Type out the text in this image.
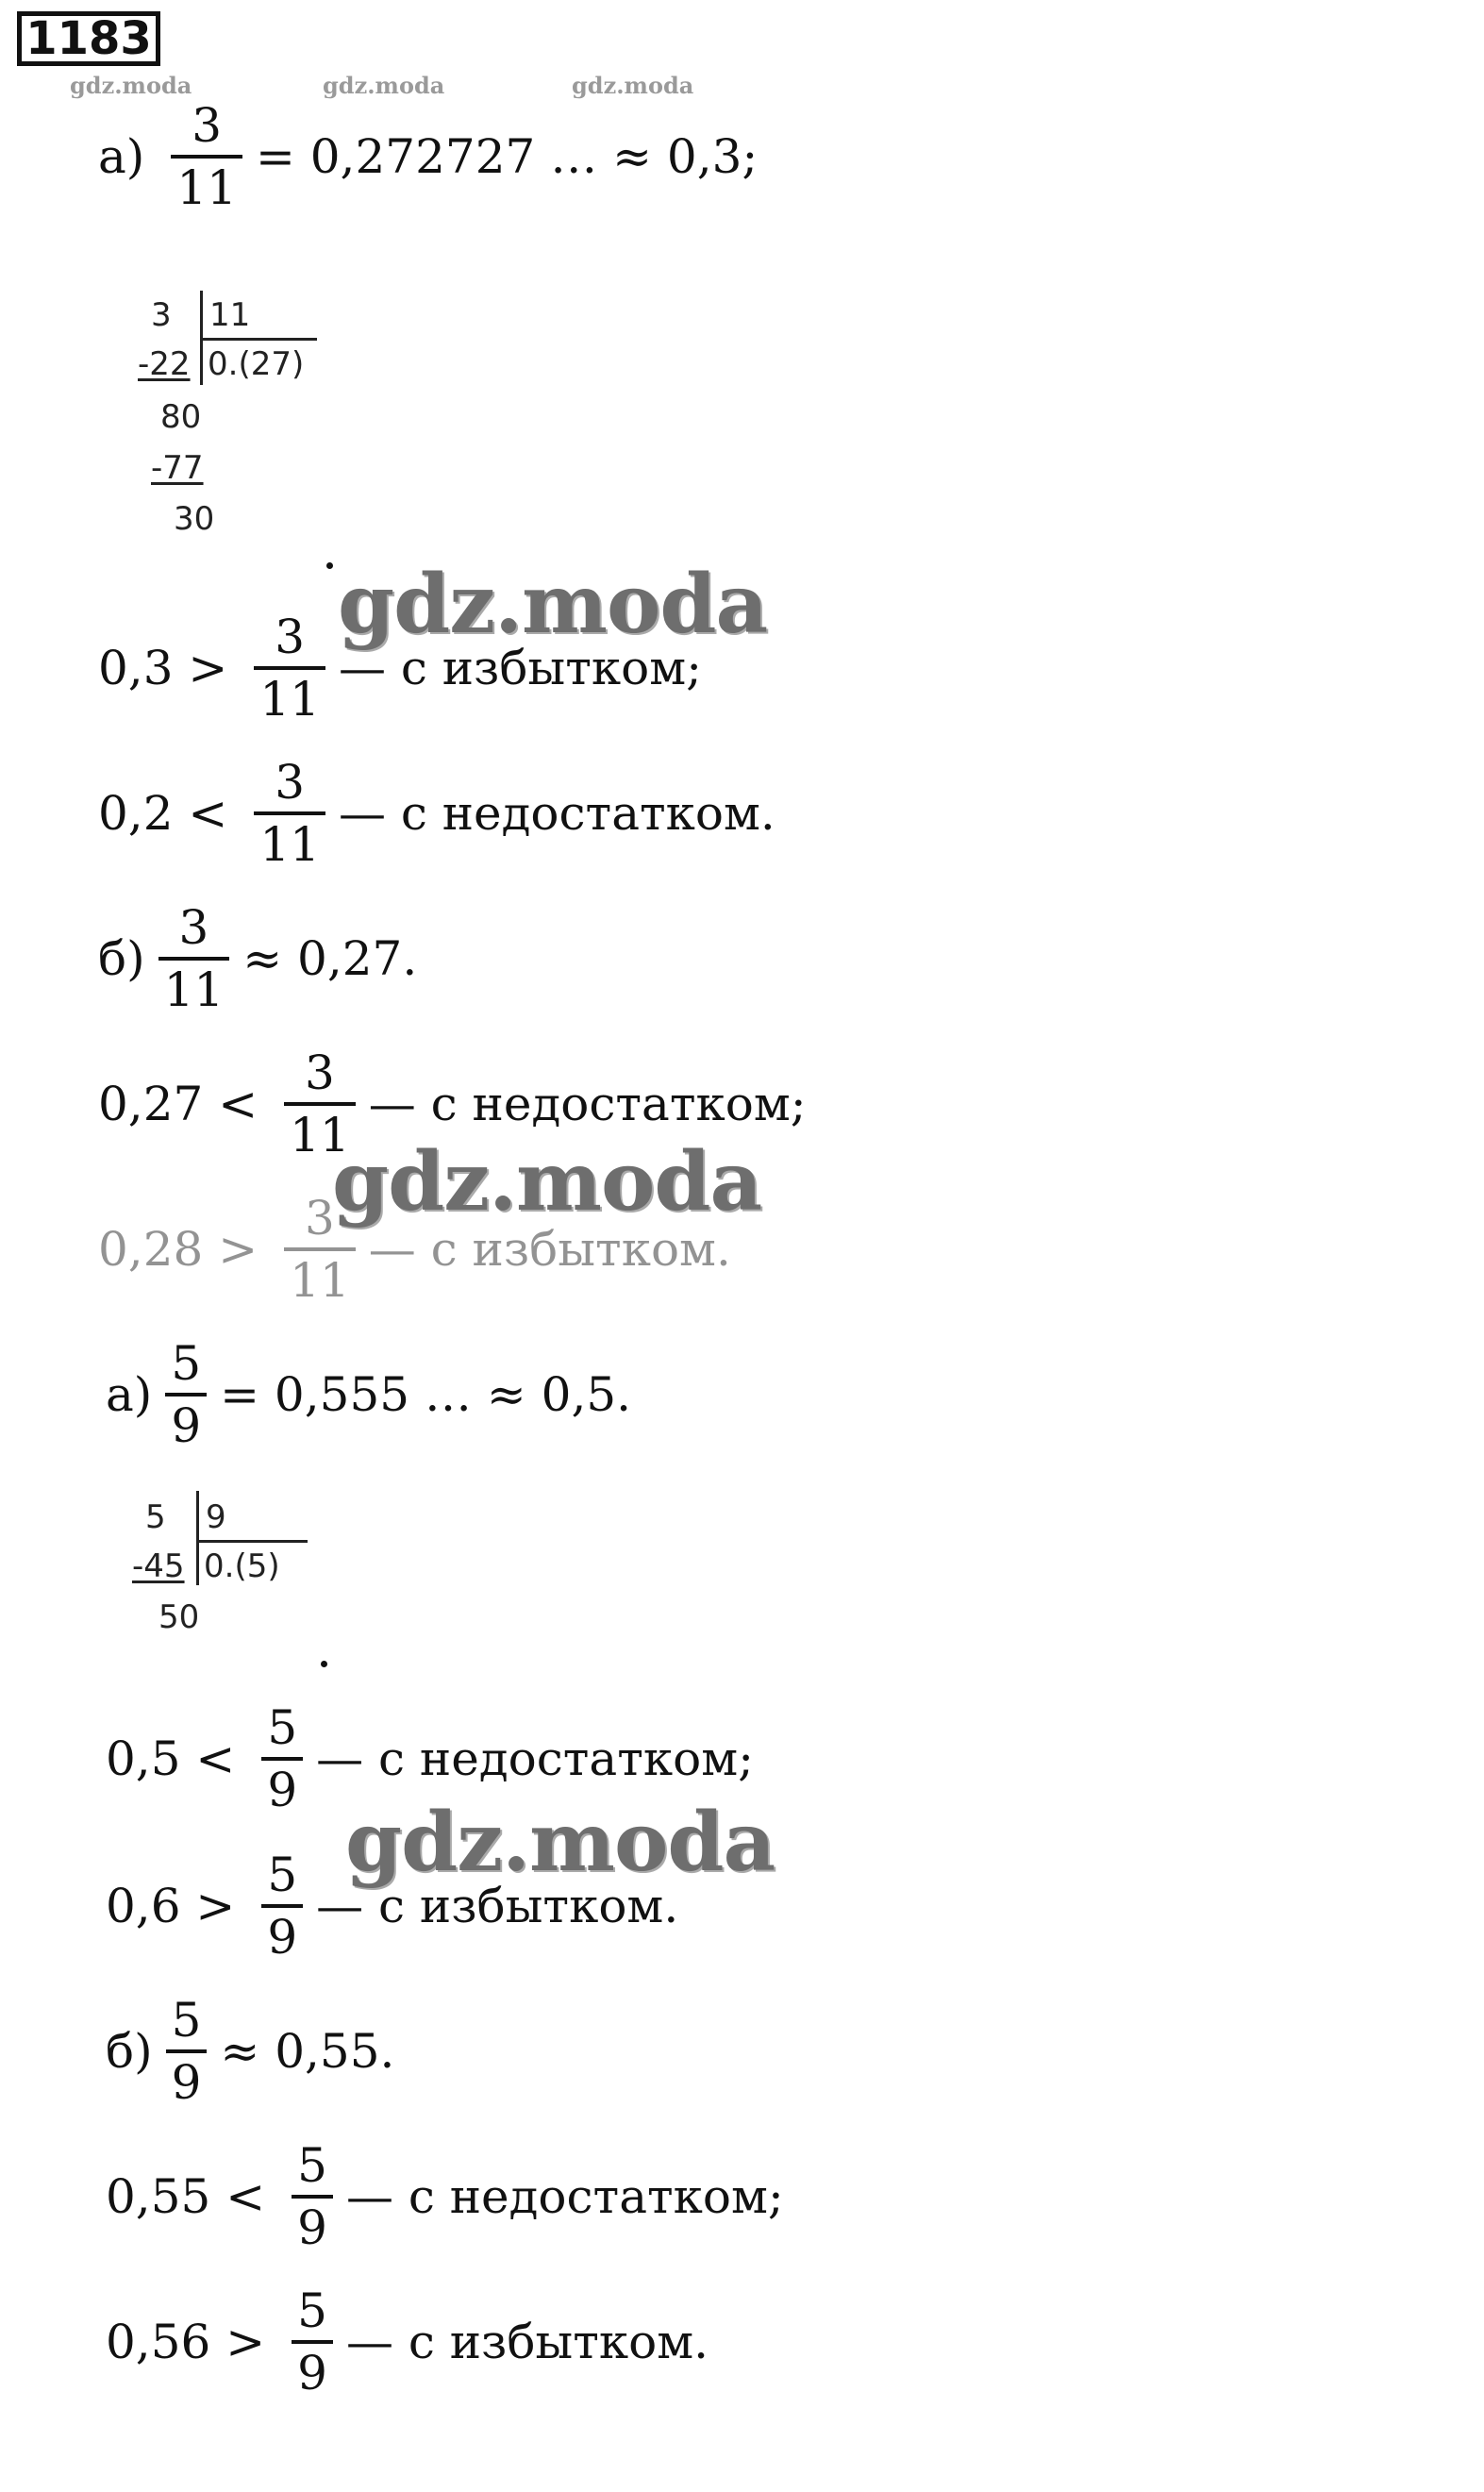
1183
gdz.moda	gdz.moda	gdz.moda
$а) \frac{3}{11} = 0,272727$ … ≈ 0,3;
3 11
-22 0.(27)
80
-77
30
gdz.moda
$0,3 > \frac{3}{11}$ — с избытком;
$0,2 < \frac{3}{11}$ — с недостатком.
$б) \frac{3}{11} \approx 0,27$.
$0,27 < \frac{3}{11}$ — с недостатком;
gdz.moda
$0,28 > \frac{3}{11}$ — с избытком.
$а) \frac{5}{9} = 0,555$ … ≈ 0,5.
5 9
-45 0.(5)
50
$0,5 < \frac{5}{9}$ — с недостатком;
gdz.moda
$0,6 > \frac{5}{9}$ — с избытком.
$б) \frac{5}{9} \approx 0,55$.
$0,55 < \frac{5}{9}$ — с недостатком;
$0,56 > \frac{5}{9}$ — с избытком.
